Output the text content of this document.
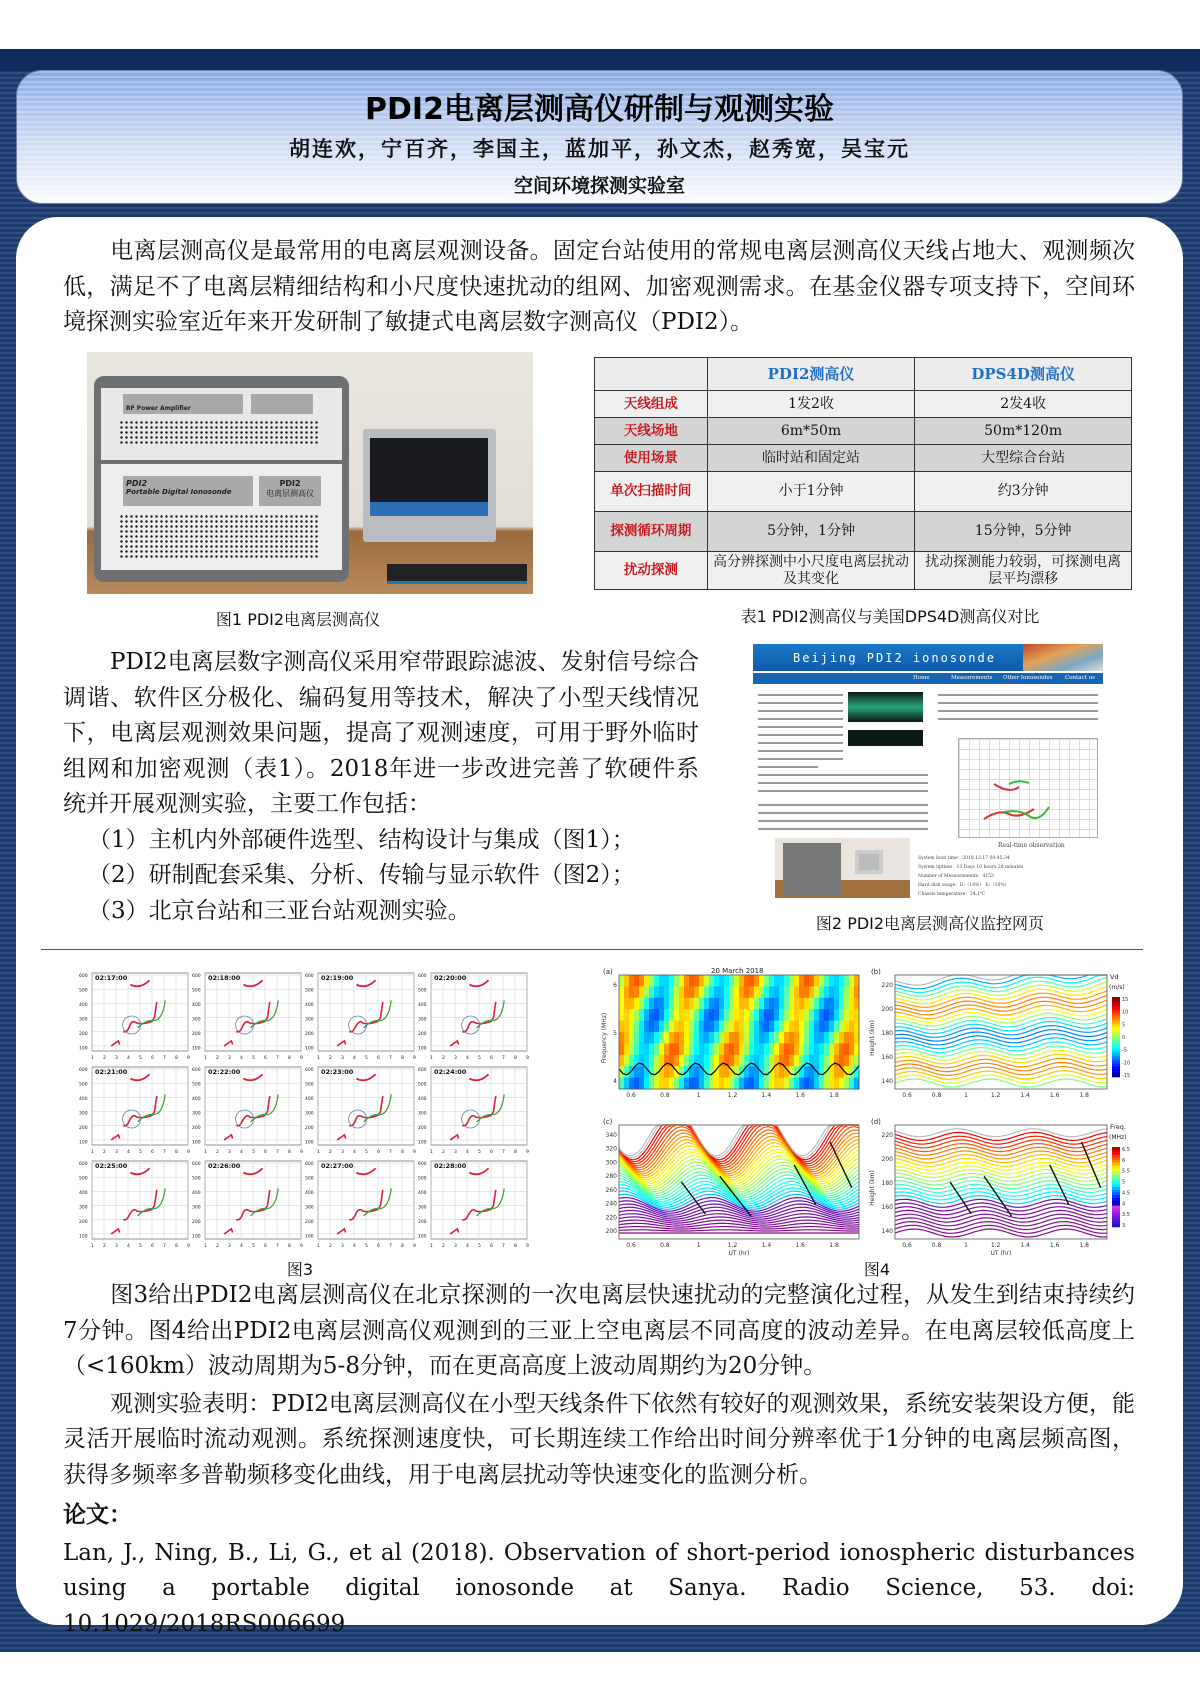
PDI2电离层测高仪研制与观测实验
胡连欢，宁百齐，李国主，蓝加平，孙文杰，赵秀宽，吴宝元
空间环境探测实验室

电离层测高仪是最常用的电离层观测设备。固定台站使用的常规电离层测高仪天线占地大、观测频次低，满足不了电离层精细结构和小尺度快速扰动的组网、加密观测需求。在基金仪器专项支持下，空间环境探测实验室近年来开发研制了敏捷式电离层数字测高仪（PDI2）。

RF Power Amplifier
PDI2
Portable Digital Ionosonde
PDI2
电离层测高仪
图1 PDI2电离层测高仪
	PDI2测高仪	DPS4D测高仪
天线组成	1发2收	2发4收
天线场地	6m*50m	50m*120m
使用场景	临时站和固定站	大型综合台站
单次扫描时间	小于1分钟	约3分钟
探测循环周期	5分钟，1分钟	15分钟，5分钟
扰动探测	高分辨探测中小尺度电离层扰动及其变化	扰动探测能力较弱，可探测电离层平均漂移
表1 PDI2测高仪与美国DPS4D测高仪对比

PDI2电离层数字测高仪采用窄带跟踪滤波、发射信号综合调谐、软件区分极化、编码复用等技术，解决了小型天线情况下，电离层观测效果问题，提高了观测速度，可用于野外临时组网和加密观测（表1）。2018年进一步改进完善了软硬件系统并开展观测实验，主要工作包括：

（1）主机内外部硬件选型、结构设计与集成（图1）；
（2）研制配套采集、分析、传输与显示软件（图2）；
（3）北京台站和三亚台站观测实验。
Beijing PDI2 ionosonde
Home	Measurements Other Ionosondes Contact us
Real-time observation
System boot time：2018.12.17 08:45:34
System uptime：13 Days 10 hours 28 minutes
Number of Measurements：4153
Hard disk usage：D:（14%） E:（10%）
Chassis temperature：24.1℃
图2 PDI2电离层测高仪监控网页
600
500
400
300
200
100
1 2 3 4 5 6 7 8 9
02:17:00	600
500
400
300
200
100
1 2 3 4 5 6 7 8 9
02:18:00	600
500
400
300
200
100
1 2 3 4 5 6 7 8 9
02:19:00	600
500
400
300
200
100
1 2 3 4 5 6 7 8 9
02:20:00
600
500
400
300
200
100
1 2 3 4 5 6 7 8 9
02:21:00	600
500
400
300
200
100
1 2 3 4 5 6 7 8 9
02:22:00	600
500
400
300
200
100
1 2 3 4 5 6 7 8 9
02:23:00	600
500
400
300
200
100
1 2 3 4 5 6 7 8 9
02:24:00
600
500
400
300
200
100
1 2 3 4 5 6 7 8 9
02:25:00	600
500
400
300
200
100
1 2 3 4 5 6 7 8 9
02:26:00	600
500
400
300
200
100
1 2 3 4 5 6 7 8 9
02:27:00	600
500
400
300
200
100
1 2 3 4 5 6 7 8 9
02:28:00
图3
20 March 2018
(a)
6
5
4
Frequency (MHz)
0.6	0.8	1	1.2	1.4	1.6	1.8
(b)
220
200
180
160
140
Height (km)
0.6	0.8	1	1.2	1.4	1.6	1.8
Vd
(m/s)
15
10
5
0
-5
-10
-15
(c)
340
320
300
280
260
240
220
200
0.6	0.8	1	1.2	1.4	1.6	1.8
UT (hr)
(d)
220
200
180
160
140
Height (km)
0.6	0.8	1	1.2	1.4	1.6	1.8
UT (hr)
Freq.
(MHz)
6.5
6
5.5
5
4.5
4
3.5
3
图4

图3给出PDI2电离层测高仪在北京探测的一次电离层快速扰动的完整演化过程，从发生到结束持续约7分钟。图4给出PDI2电离层测高仪观测到的三亚上空电离层不同高度的波动差异。在电离层较低高度上（<160km）波动周期为5-8分钟，而在更高高度上波动周期约为20分钟。

观测实验表明：PDI2电离层测高仪在小型天线条件下依然有较好的观测效果，系统安装架设方便，能灵活开展临时流动观测。系统探测速度快，可长期连续工作给出时间分辨率优于1分钟的电离层频高图，获得多频率多普勒频移变化曲线，用于电离层扰动等快速变化的监测分析。

论文：

Lan, J., Ning, B., Li, G., et al (2018). Observation of short-period ionospheric disturbances using a portable digital ionosonde at Sanya. Radio Science, 53. doi: 10.1029/2018RS006699
